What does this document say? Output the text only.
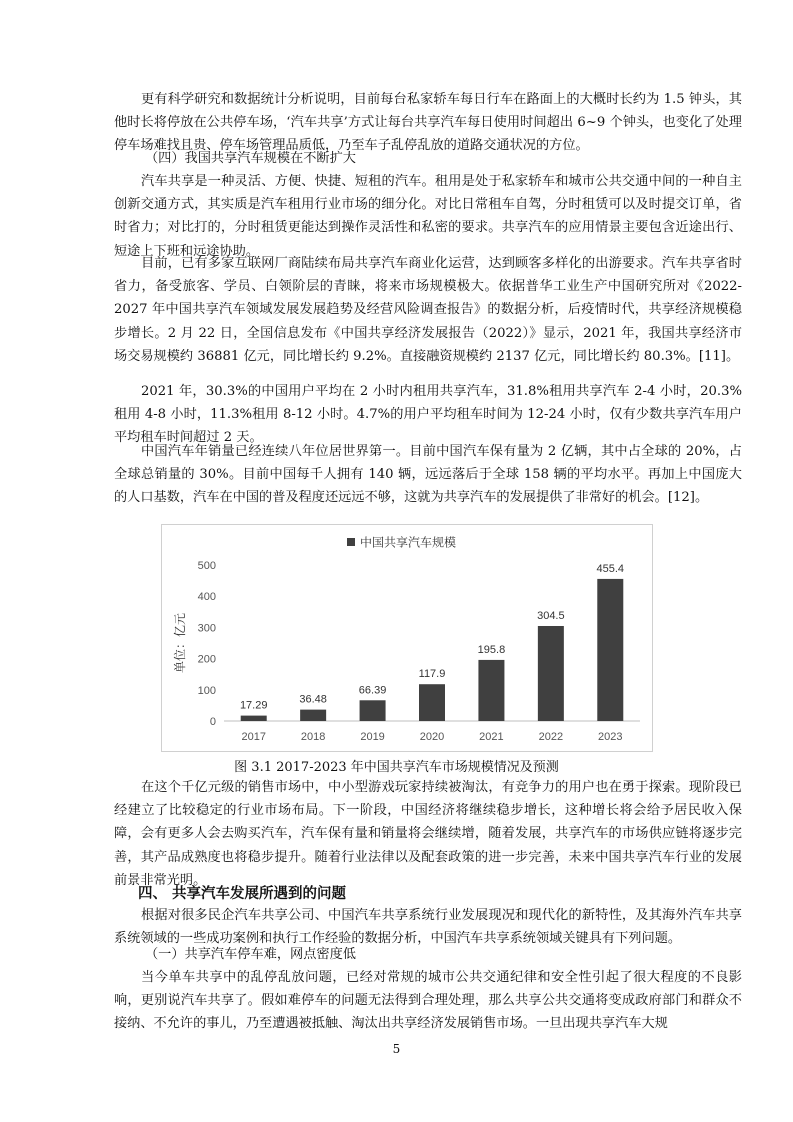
更有科学研究和数据统计分析说明，目前每台私家轿车每日行车在路面上的大概时长约为 1.5 钟头，其他时长将停放在公共停车场，‘汽车共享’方式让每台共享汽车每日使用时间超出 6~9 个钟头，也变化了处理停车场难找且贵、停车场管理品质低，乃至车子乱停乱放的道路交通状况的方位。

（四）我国共享汽车规模在不断扩大

汽车共享是一种灵活、方便、快捷、短租的汽车。租用是处于私家轿车和城市公共交通中间的一种自主创新交通方式，其实质是汽车租用行业市场的细分化。对比日常租车自驾，分时租赁可以及时提交订单，省时省力；对比打的，分时租赁更能达到操作灵活性和私密的要求。共享汽车的应用情景主要包含近途出行、短途上下班和远途协助。

目前，已有多家互联网厂商陆续布局共享汽车商业化运营，达到顾客多样化的出游要求。汽车共享省时省力，备受旅客、学员、白领阶层的青睐，将来市场规模极大。依据普华工业生产中国研究所对《2022-2027 年中国共享汽车领域发展发展趋势及经营风险调查报告》的数据分析，后疫情时代，共享经济规模稳步增长。2 月 22 日，全国信息发布《中国共享经济发展报告（2022）》显示，2021 年，我国共享经济市场交易规模约 36881 亿元，同比增长约 9.2%。直接融资规模约 2137 亿元，同比增长约 80.3%。[11]。

2021 年，30.3%的中国用户平均在 2 小时内租用共享汽车，31.8%租用共享汽车 2-4 小时，20.3%租用 4-8 小时，11.3%租用 8-12 小时。4.7%的用户平均租车时间为 12-24 小时，仅有少数共享汽车用户平均租车时间超过 2 天。

中国汽车年销量已经连续八年位居世界第一。目前中国汽车保有量为 2 亿辆，其中占全球的 20%，占全球总销量的 30%。目前中国每千人拥有 140 辆，远远落后于全球 158 辆的平均水平。再加上中国庞大的人口基数，汽车在中国的普及程度还远远不够，这就为共享汽车的发展提供了非常好的机会。[12]。

中国共享汽车规模
0
100
200
300
400
500
单位：亿元
17.29
2017
36.48
2018
66.39
2019
117.9
2020
195.8
2021
304.5
2022
455.4
2023

图 3.1 2017-2023 年中国共享汽车市场规模情况及预测

在这个千亿元级的销售市场中，中小型游戏玩家持续被淘汰，有竞争力的用户也在勇于探索。现阶段已经建立了比较稳定的行业市场布局。下一阶段，中国经济将继续稳步增长，这种增长将会给予居民收入保障，会有更多人会去购买汽车，汽车保有量和销量将会继续增，随着发展，共享汽车的市场供应链将逐步完善，其产品成熟度也将稳步提升。随着行业法律以及配套政策的进一步完善，未来中国共享汽车行业的发展前景非常光明。

四、 共享汽车发展所遇到的问题

根据对很多民企汽车共享公司、中国汽车共享系统行业发展现况和现代化的新特性，及其海外汽车共享系统领域的一些成功案例和执行工作经验的数据分析，中国汽车共享系统领域关键具有下列问题。

（一）共享汽车停车难，网点密度低

当今单车共享中的乱停乱放问题，已经对常规的城市公共交通纪律和安全性引起了很大程度的不良影响，更别说汽车共享了。假如难停车的问题无法得到合理处理，那么共享公共交通将变成政府部门和群众不接纳、不允许的事儿，乃至遭遇被抵触、淘汰出共享经济发展销售市场。一旦出现共享汽车大规

5
